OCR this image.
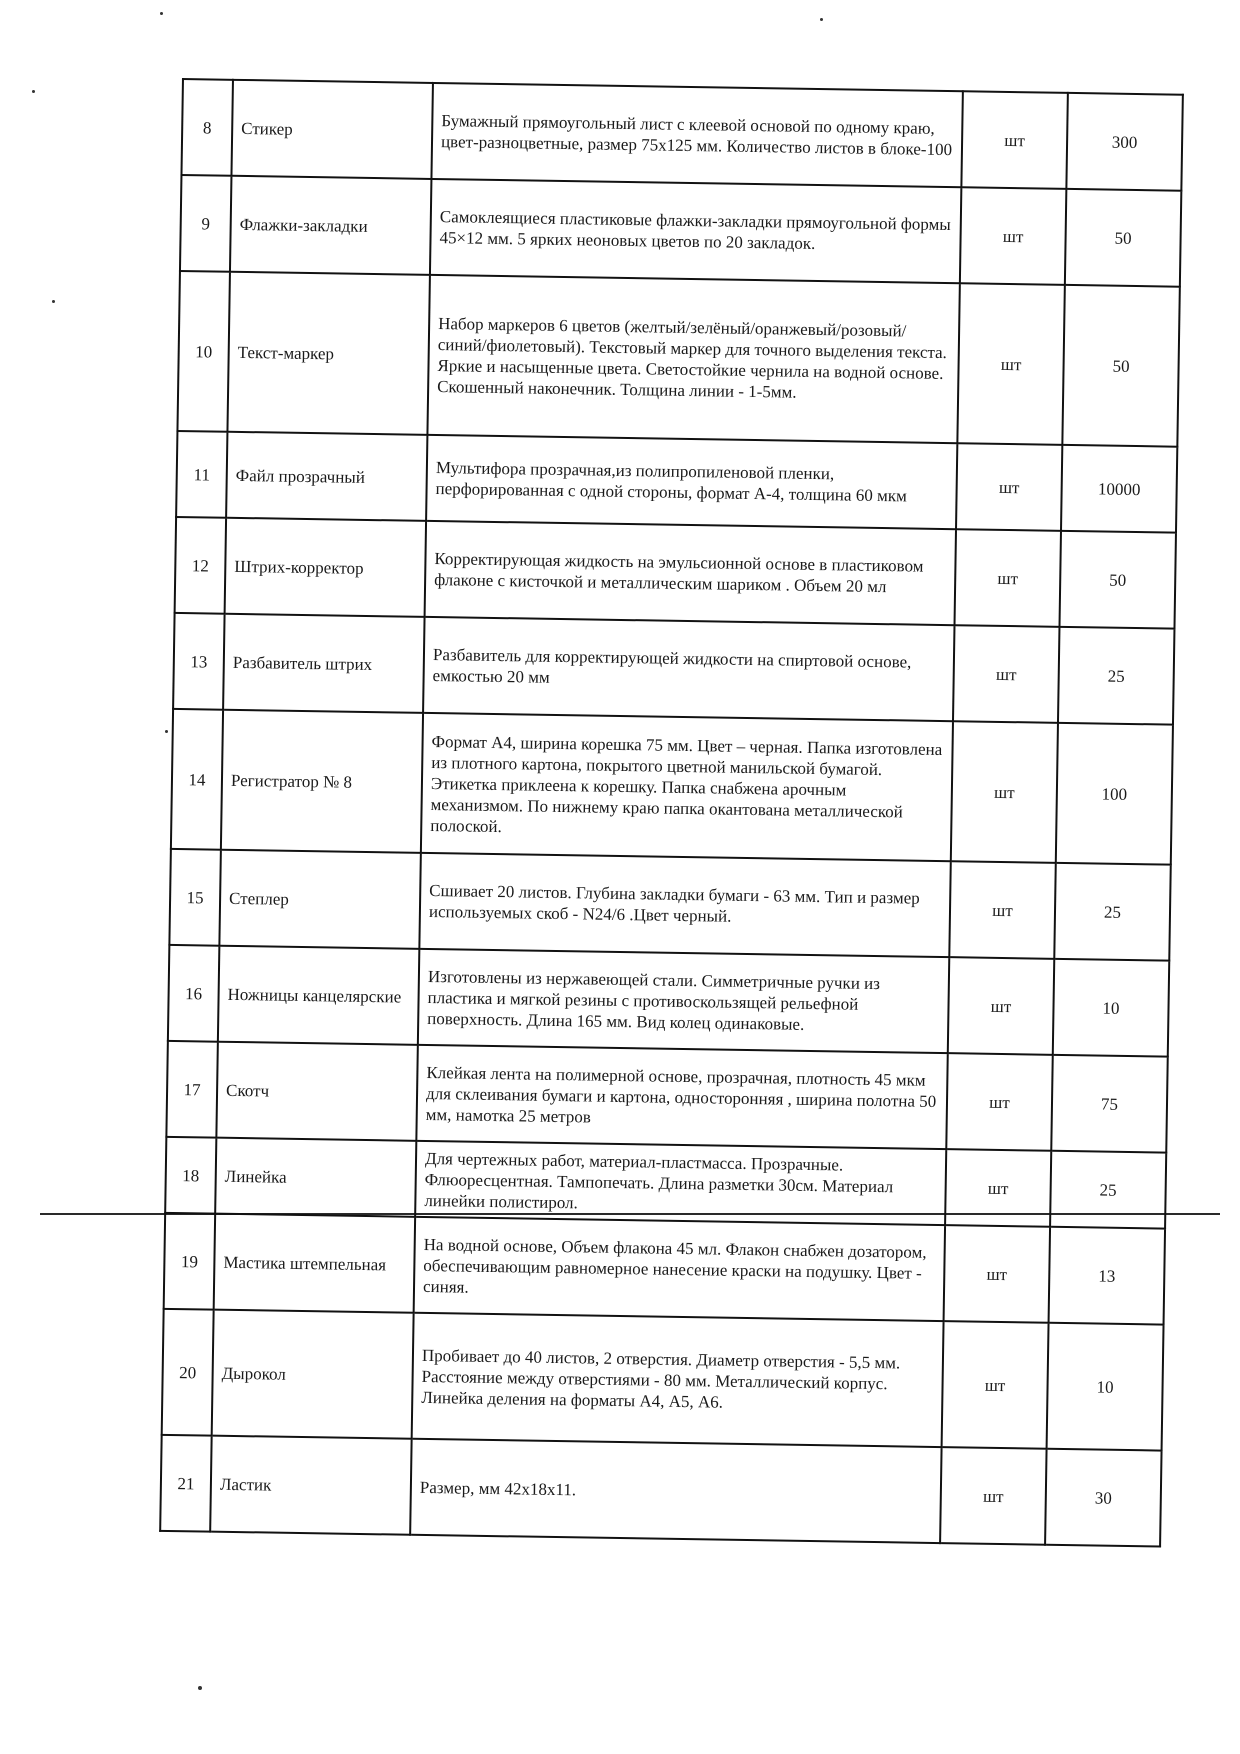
8	Стикер	Бумажный прямоугольный лист с клеевой основой по одному краю, цвет-разноцветные, размер 75х125 мм. Количество листов в блоке-100	шт	300
9	Флажки-закладки	Самоклеящиеся пластиковые флажки-закладки прямоугольной формы 45×12 мм. 5 ярких неоновых цветов по 20 закладок.	шт	50
10	Текст-маркер	Набор маркеров 6 цветов (желтый/зелёный/оранжевый/розовый/синий/фиолетовый). Текстовый маркер для точного выделения текста. Яркие и насыщенные цвета. Светостойкие чернила на водной основе. Скошенный наконечник. Толщина линии - 1-5мм.	шт	50
11	Файл прозрачный	Мультифора прозрачная,из полипропиленовой пленки, перфорированная с одной стороны, формат А-4, толщина 60 мкм	шт	10000
12	Штрих-корректор	Корректирующая жидкость на эмульсионной основе в пластиковом флаконе с кисточкой и металлическим шариком . Объем 20 мл	шт	50
13	Разбавитель штрих	Разбавитель для корректирующей жидкости на спиртовой основе, емкостью 20 мм	шт	25
14	Регистратор № 8	Формат А4, ширина корешка 75 мм. Цвет – черная. Папка изготовлена из плотного картона, покрытого цветной манильской бумагой. Этикетка приклеена к корешку. Папка снабжена арочным механизмом. По нижнему краю папка окантована металлической полоской.	шт	100
15	Степлер	Сшивает 20 листов. Глубина закладки бумаги - 63 мм. Тип и размер используемых скоб - N24/6 .Цвет черный.	шт	25
16	Ножницы канцелярские	Изготовлены из нержавеющей стали. Симметричные ручки из пластика и мягкой резины с противоскользящей рельефной поверхность. Длина 165 мм. Вид колец одинаковые.	шт	10
17	Скотч	Клейкая лента на полимерной основе, прозрачная, плотность 45 мкм для склеивания бумаги и картона, односторонняя , ширина полотна 50 мм, намотка 25 метров	шт	75
18	Линейка	Для чертежных работ, материал-пластмасса. Прозрачные. Флюоресцентная. Тампопечать. Длина разметки 30см. Материал линейки полистирол.	шт	25
19	Мастика штемпельная	На водной основе, Объем флакона 45 мл. Флакон снабжен дозатором, обеспечивающим равномерное нанесение краски на подушку. Цвет - синяя.	шт	13
20	Дырокол	Пробивает до 40 листов, 2 отверстия. Диаметр отверстия - 5,5 мм. Расстояние между отверстиями - 80 мм. Металлический корпус. Линейка деления на форматы А4, А5, А6.	шт	10
21	Ластик	Размер, мм 42х18х11.	шт	30
